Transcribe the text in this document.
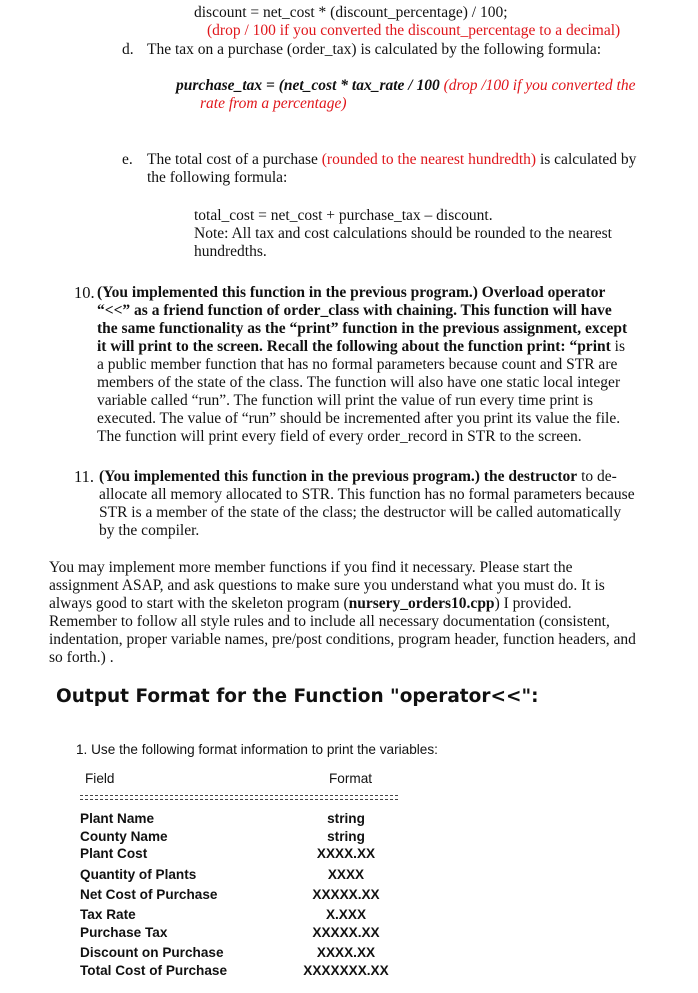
discount = net_cost * (discount_percentage) / 100;
(drop / 100 if you converted the discount_percentage to a decimal)
d. The tax on a purchase (order_tax) is calculated by the following formula:
purchase_tax = (net_cost * tax_rate / 100 (drop /100 if you converted the
rate from a percentage)
e. The total cost of a purchase (rounded to the nearest hundredth) is calculated by
the following formula:
total_cost = net_cost + purchase_tax – discount.
Note: All tax and cost calculations should be rounded to the nearest
hundredths.
10. (You implemented this function in the previous program.) Overload operator
“<<” as a friend function of order_class with chaining. This function will have
the same functionality as the “print” function in the previous assignment, except
it will print to the screen. Recall the following about the function print: “print is
a public member function that has no formal parameters because count and STR are
members of the state of the class. The function will also have one static local integer
variable called “run”. The function will print the value of run every time print is
executed. The value of “run” should be incremented after you print its value the file.
The function will print every field of every order_record in STR to the screen.
11. (You implemented this function in the previous program.) the destructor to de-
allocate all memory allocated to STR. This function has no formal parameters because
STR is a member of the state of the class; the destructor will be called automatically
by the compiler.
You may implement more member functions if you find it necessary. Please start the
assignment ASAP, and ask questions to make sure you understand what you must do. It is
always good to start with the skeleton program (nursery_orders10.cpp) I provided.
Remember to follow all style rules and to include all necessary documentation (consistent,
indentation, proper variable names, pre/post conditions, program header, function headers, and
so forth.) .
Output Format for the Function "operator<<":
1. Use the following format information to print the variables:
Field	Format
Plant Name	string
County Name	string
Plant Cost	XXXX.XX
Quantity of Plants	XXXX
Net Cost of Purchase	XXXXX.XX
Tax Rate	X.XXX
Purchase Tax	XXXXX.XX
Discount on Purchase	XXXX.XX
Total Cost of Purchase	XXXXXXX.XX
